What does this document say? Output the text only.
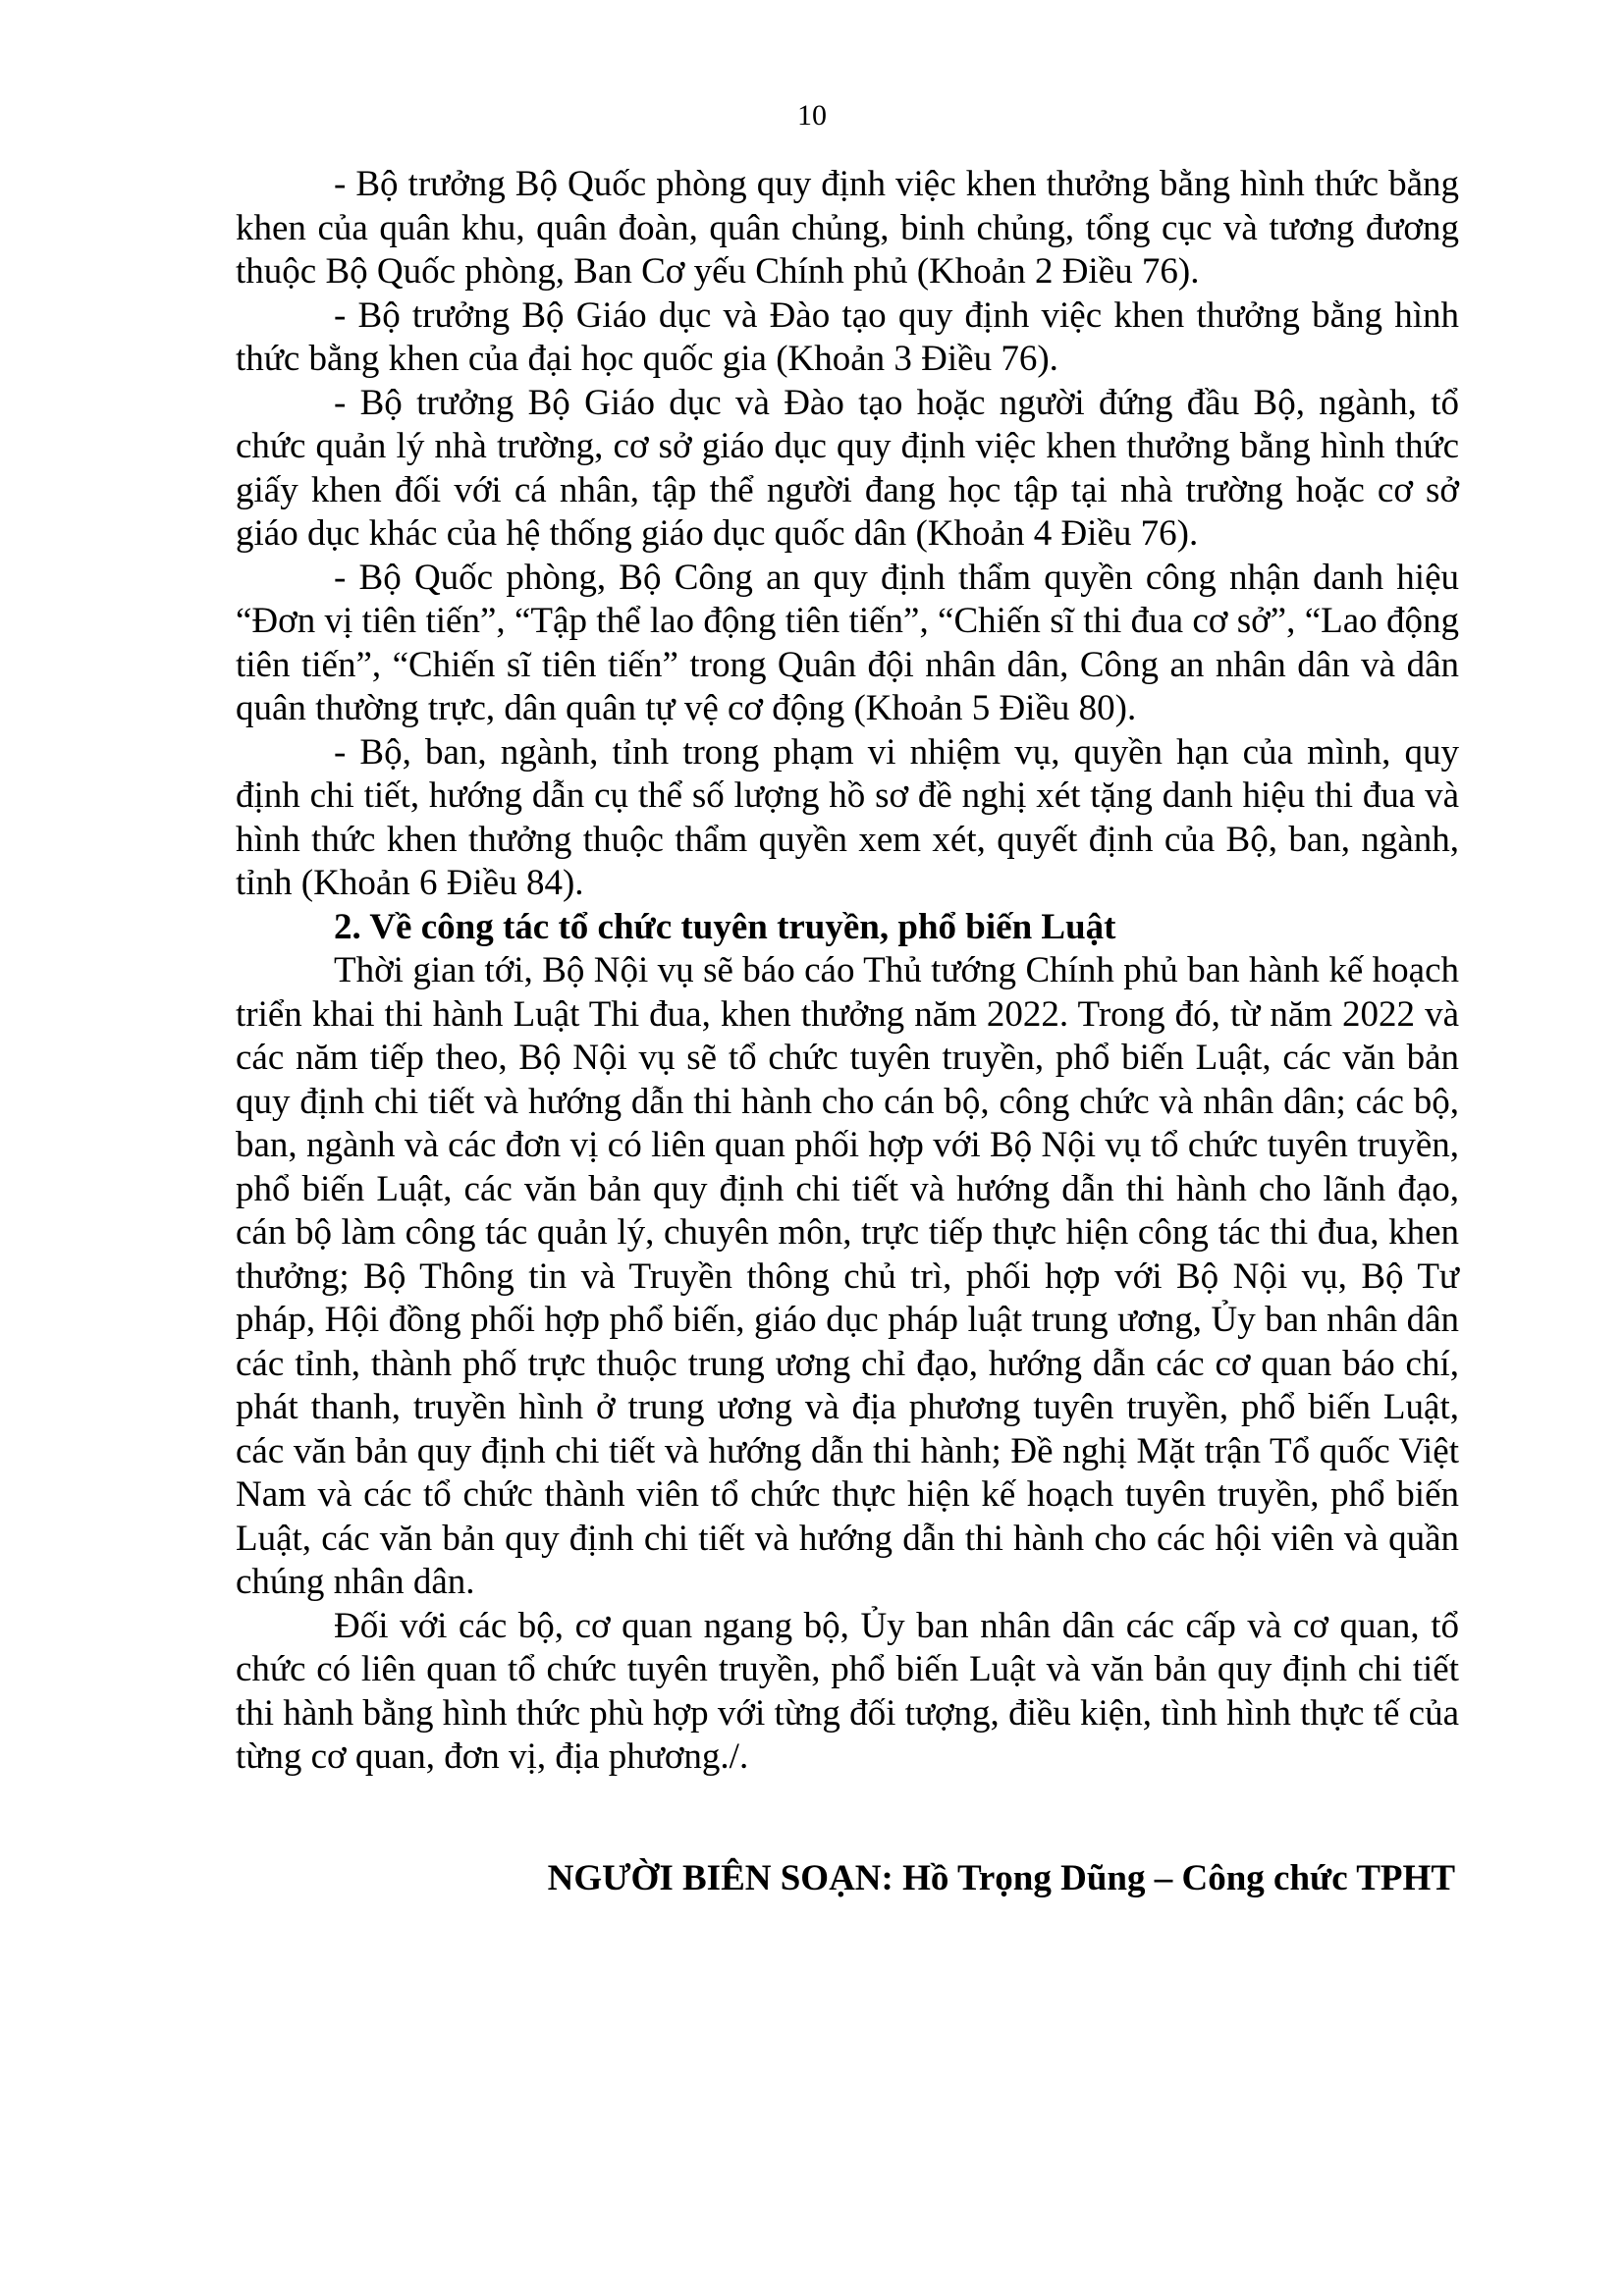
10

- Bộ trưởng Bộ Quốc phòng quy định việc khen thưởng bằng hình thức bằng khen của quân khu, quân đoàn, quân chủng, binh chủng, tổng cục và tương đương thuộc Bộ Quốc phòng, Ban Cơ yếu Chính phủ (Khoản 2 Điều 76).

- Bộ trưởng Bộ Giáo dục và Đào tạo quy định việc khen thưởng bằng hình thức bằng khen của đại học quốc gia (Khoản 3 Điều 76).

- Bộ trưởng Bộ Giáo dục và Đào tạo hoặc người đứng đầu Bộ, ngành, tổ chức quản lý nhà trường, cơ sở giáo dục quy định việc khen thưởng bằng hình thức giấy khen đối với cá nhân, tập thể người đang học tập tại nhà trường hoặc cơ sở giáo dục khác của hệ thống giáo dục quốc dân (Khoản 4 Điều 76).

- Bộ Quốc phòng, Bộ Công an quy định thẩm quyền công nhận danh hiệu “Đơn vị tiên tiến”, “Tập thể lao động tiên tiến”, “Chiến sĩ thi đua cơ sở”, “Lao động tiên tiến”, “Chiến sĩ tiên tiến” trong Quân đội nhân dân, Công an nhân dân và dân quân thường trực, dân quân tự vệ cơ động (Khoản 5 Điều 80).

- Bộ, ban, ngành, tỉnh trong phạm vi nhiệm vụ, quyền hạn của mình, quy định chi tiết, hướng dẫn cụ thể số lượng hồ sơ đề nghị xét tặng danh hiệu thi đua và hình thức khen thưởng thuộc thẩm quyền xem xét, quyết định của Bộ, ban, ngành, tỉnh (Khoản 6 Điều 84).

2. Về công tác tổ chức tuyên truyền, phổ biến Luật

Thời gian tới, Bộ Nội vụ sẽ báo cáo Thủ tướng Chính phủ ban hành kế hoạch triển khai thi hành Luật Thi đua, khen thưởng năm 2022. Trong đó, từ năm 2022 và các năm tiếp theo, Bộ Nội vụ sẽ tổ chức tuyên truyền, phổ biến Luật, các văn bản quy định chi tiết và hướng dẫn thi hành cho cán bộ, công chức và nhân dân; các bộ, ban, ngành và các đơn vị có liên quan phối hợp với Bộ Nội vụ tổ chức tuyên truyền, phổ biến Luật, các văn bản quy định chi tiết và hướng dẫn thi hành cho lãnh đạo, cán bộ làm công tác quản lý, chuyên môn, trực tiếp thực hiện công tác thi đua, khen thưởng; Bộ Thông tin và Truyền thông chủ trì, phối hợp với Bộ Nội vụ, Bộ Tư pháp, Hội đồng phối hợp phổ biến, giáo dục pháp luật trung ương, Ủy ban nhân dân các tỉnh, thành phố trực thuộc trung ương chỉ đạo, hướng dẫn các cơ quan báo chí, phát thanh, truyền hình ở trung ương và địa phương tuyên truyền, phổ biến Luật, các văn bản quy định chi tiết và hướng dẫn thi hành; Đề nghị Mặt trận Tổ quốc Việt Nam và các tổ chức thành viên tổ chức thực hiện kế hoạch tuyên truyền, phổ biến Luật, các văn bản quy định chi tiết và hướng dẫn thi hành cho các hội viên và quần chúng nhân dân.

Đối với các bộ, cơ quan ngang bộ, Ủy ban nhân dân các cấp và cơ quan, tổ chức có liên quan tổ chức tuyên truyền, phổ biến Luật và văn bản quy định chi tiết thi hành bằng hình thức phù hợp với từng đối tượng, điều kiện, tình hình thực tế của từng cơ quan, đơn vị, địa phương./.

NGƯỜI BIÊN SOẠN: Hồ Trọng Dũng – Công chức TPHT
